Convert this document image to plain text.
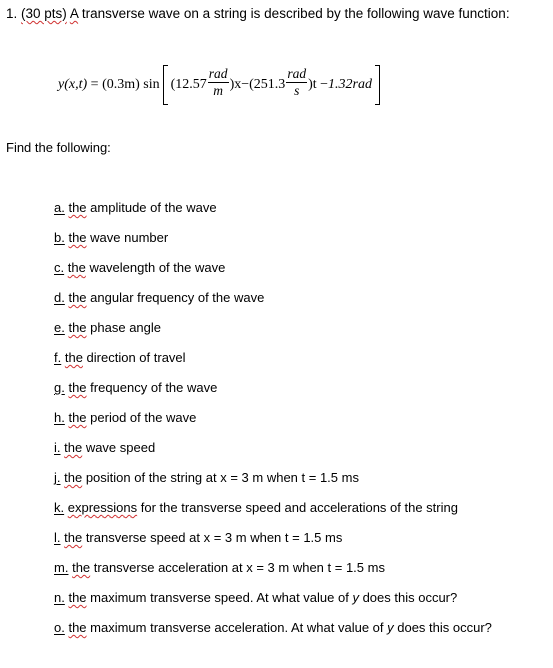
1. (30 pts) A transverse wave on a string is described by the following wave function:
y(x,t)
=
(0.3m)
$\sin (12.57 \frac{\text{rad}}{m} )x - (251.3 \frac{\text{rad}}{s} )t$
− 1.32rad
Find the following:
a. the amplitude of the wave
b. the wave number
c. the wavelength of the wave
d. the angular frequency of the wave
e. the phase angle
f. the direction of travel
g. the frequency of the wave
h. the period of the wave
i. the wave speed
j. the position of the string at x = 3 m when t = 1.5 ms
k. expressions for the transverse speed and accelerations of the string
l. the transverse speed at x = 3 m when t = 1.5 ms
m. the transverse acceleration at x = 3 m when t = 1.5 ms
n. the maximum transverse speed. At what value of y does this occur?
o. the maximum transverse acceleration. At what value of y does this occur?
